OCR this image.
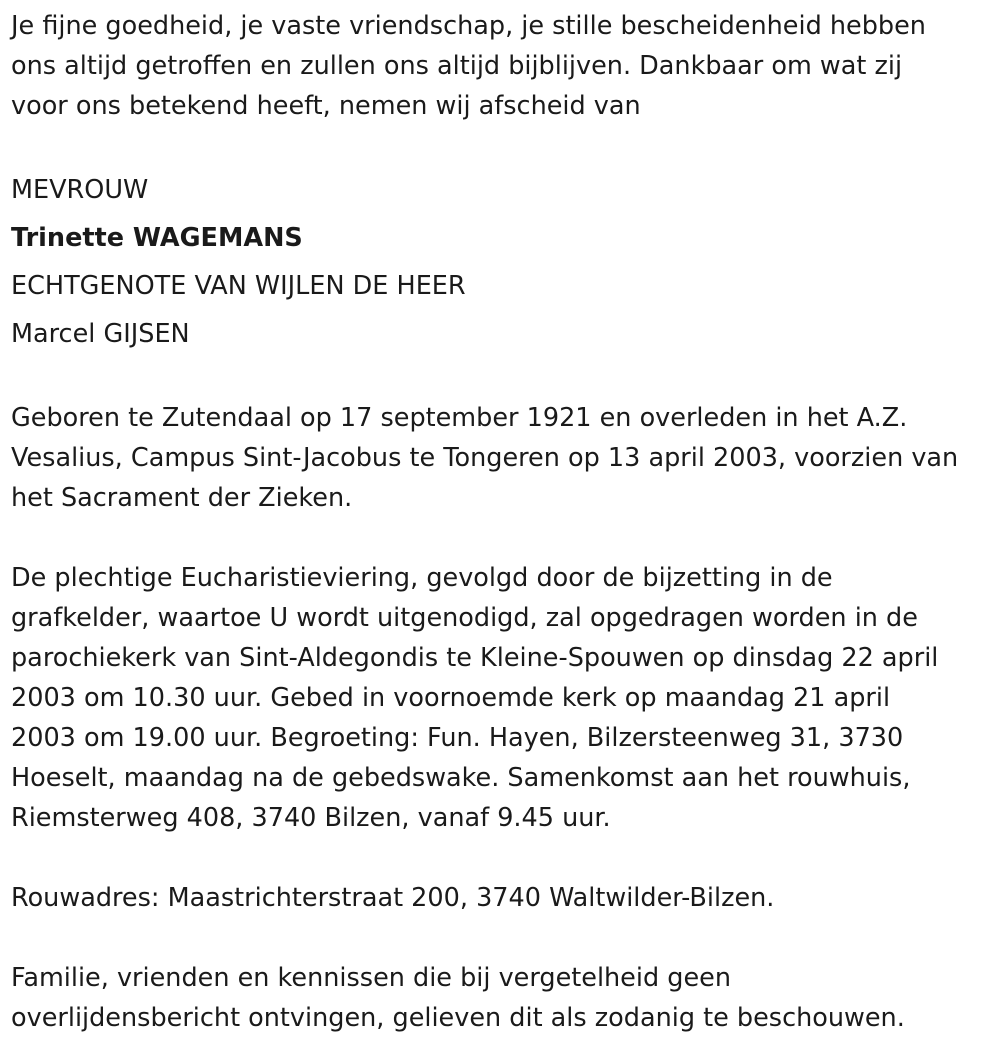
Je fijne goedheid, je vaste vriendschap, je stille bescheidenheid hebben
ons altijd getroffen en zullen ons altijd bijblijven. Dankbaar om wat zij
voor ons betekend heeft, nemen wij afscheid van

MEVROUW
Trinette WAGEMANS
ECHTGENOTE VAN WIJLEN DE HEER
Marcel GIJSEN

Geboren te Zutendaal op 17 september 1921 en overleden in het A.Z.
Vesalius, Campus Sint-Jacobus te Tongeren op 13 april 2003, voorzien van
het Sacrament der Zieken.

De plechtige Eucharistieviering, gevolgd door de bijzetting in de
grafkelder, waartoe U wordt uitgenodigd, zal opgedragen worden in de
parochiekerk van Sint-Aldegondis te Kleine-Spouwen op dinsdag 22 april
2003 om 10.30 uur. Gebed in voornoemde kerk op maandag 21 april
2003 om 19.00 uur. Begroeting: Fun. Hayen, Bilzersteenweg 31, 3730
Hoeselt, maandag na de gebedswake. Samenkomst aan het rouwhuis,
Riemsterweg 408, 3740 Bilzen, vanaf 9.45 uur.

Rouwadres: Maastrichterstraat 200, 3740 Waltwilder-Bilzen.

Familie, vrienden en kennissen die bij vergetelheid geen
overlijdensbericht ontvingen, gelieven dit als zodanig te beschouwen.
